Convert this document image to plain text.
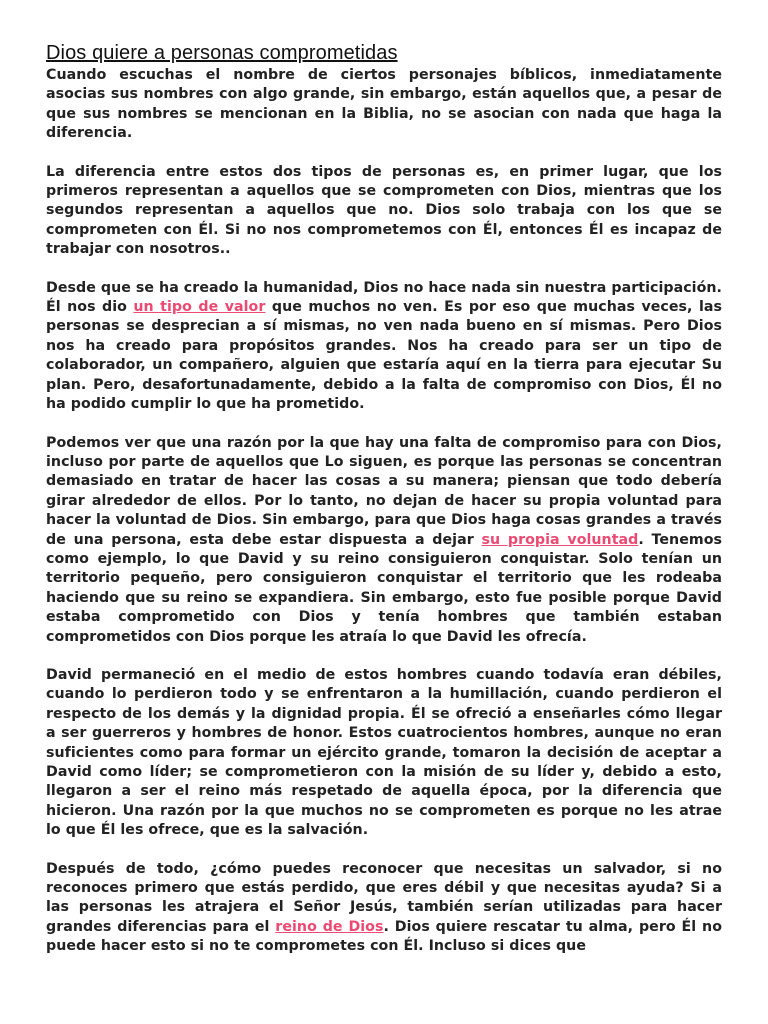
Dios quiere a personas comprometidas

Cuando escuchas el nombre de ciertos personajes bíblicos, inmediatamente asocias sus nombres con algo grande, sin embargo, están aquellos que, a pesar de que sus nombres se mencionan en la Biblia, no se asocian con nada que haga la diferencia.

La diferencia entre estos dos tipos de personas es, en primer lugar, que los primeros representan a aquellos que se comprometen con Dios, mientras que los segundos representan a aquellos que no. Dios solo trabaja con los que se comprometen con Él. Si no nos comprometemos con Él, entonces Él es incapaz de trabajar con nosotros..

Desde que se ha creado la humanidad, Dios no hace nada sin nuestra participación. Él nos dio un tipo de valor que muchos no ven. Es por eso que muchas veces, las personas se desprecian a sí mismas, no ven nada bueno en sí mismas. Pero Dios nos ha creado para propósitos grandes. Nos ha creado para ser un tipo de colaborador, un compañero, alguien que estaría aquí en la tierra para ejecutar Su plan. Pero, desafortunadamente, debido a la falta de compromiso con Dios, Él no ha podido cumplir lo que ha prometido.

Podemos ver que una razón por la que hay una falta de compromiso para con Dios, incluso por parte de aquellos que Lo siguen, es porque las personas se concentran demasiado en tratar de hacer las cosas a su manera; piensan que todo debería girar alrededor de ellos. Por lo tanto, no dejan de hacer su propia voluntad para hacer la voluntad de Dios. Sin embargo, para que Dios haga cosas grandes a través de una persona, esta debe estar dispuesta a dejar su propia voluntad. Tenemos como ejemplo, lo que David y su reino consiguieron conquistar. Solo tenían un territorio pequeño, pero consiguieron conquistar el territorio que les rodeaba haciendo que su reino se expandiera. Sin embargo, esto fue posible porque David estaba comprometido con Dios y tenía hombres que también estaban comprometidos con Dios porque les atraía lo que David les ofrecía.

David permaneció en el medio de estos hombres cuando todavía eran débiles, cuando lo perdieron todo y se enfrentaron a la humillación, cuando perdieron el respecto de los demás y la dignidad propia. Él se ofreció a enseñarles cómo llegar a ser guerreros y hombres de honor. Estos cuatrocientos hombres, aunque no eran suficientes como para formar un ejército grande, tomaron la decisión de aceptar a David como líder; se comprometieron con la misión de su líder y, debido a esto, llegaron a ser el reino más respetado de aquella época, por la diferencia que hicieron. Una razón por la que muchos no se comprometen es porque no les atrae lo que Él les ofrece, que es la salvación.

Después de todo, ¿cómo puedes reconocer que necesitas un salvador, si no reconoces primero que estás perdido, que eres débil y que necesitas ayuda? Si a las personas les atrajera el Señor Jesús, también serían utilizadas para hacer grandes diferencias para el reino de Dios. Dios quiere rescatar tu alma, pero Él no puede hacer esto si no te comprometes con Él. Incluso si dices que
